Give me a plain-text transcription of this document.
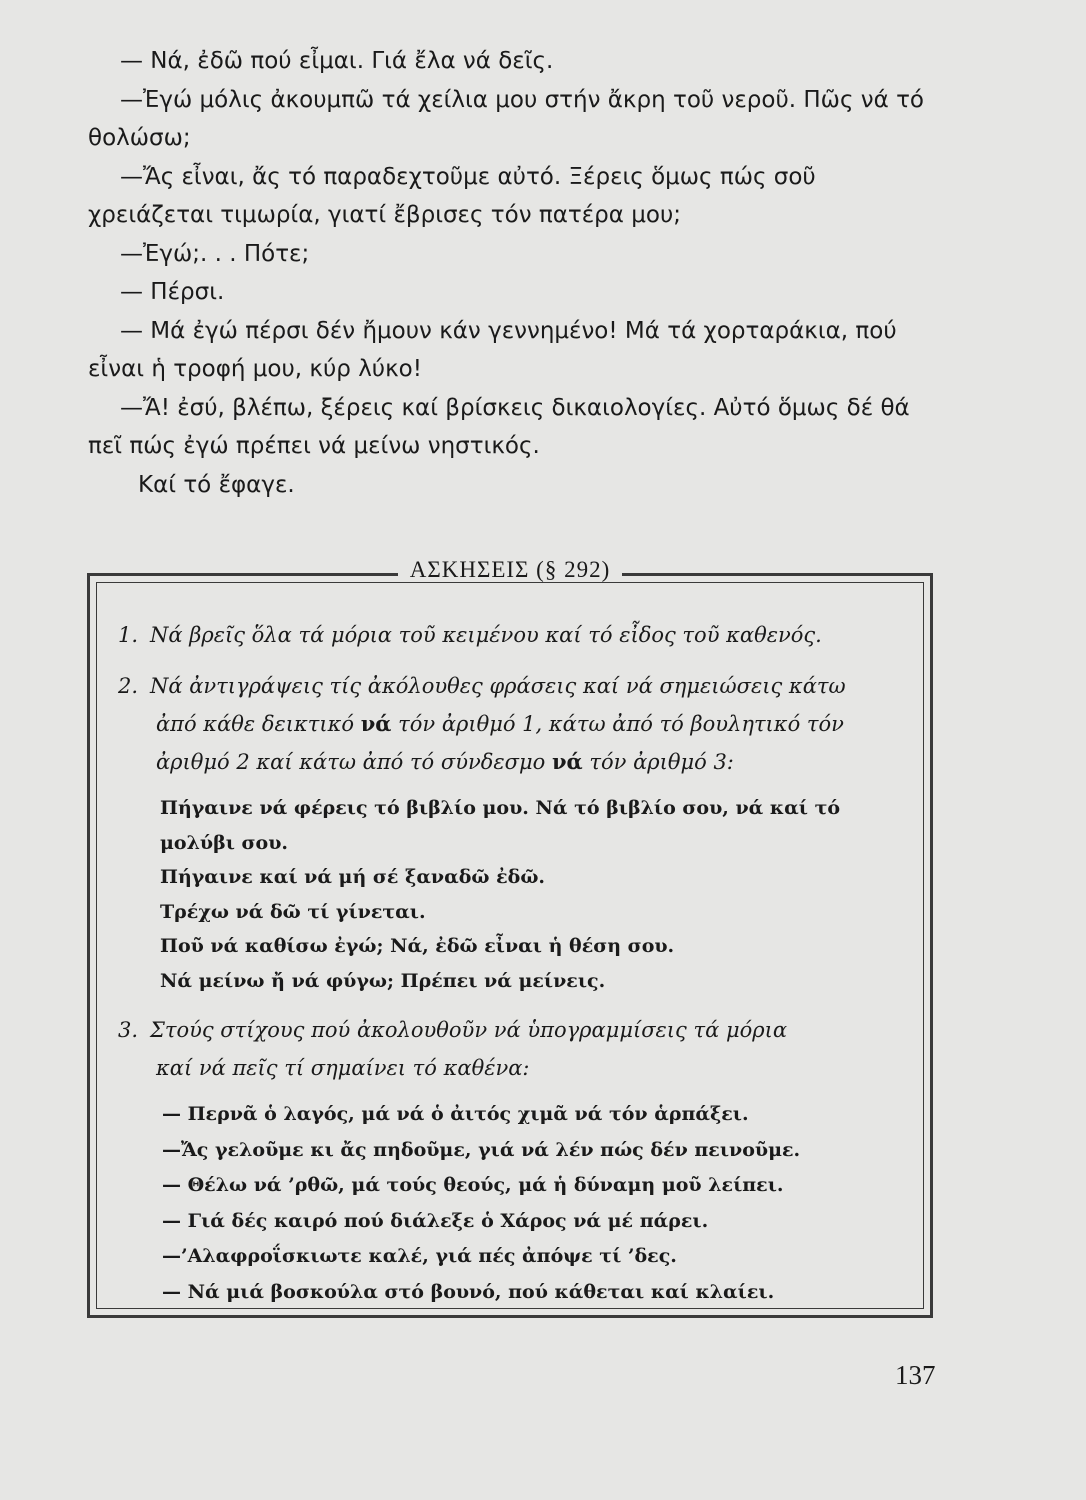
— Νά, ἐδῶ πού εἶμαι. Γιά ἔλα νά δεῖς.

—Ἐγώ μόλις ἀκουμπῶ τά χείλια μου στήν ἄκρη τοῦ νεροῦ. Πῶς νά τό θολώσω;

—Ἄς εἶναι, ἄς τό παραδεχτοῦμε αὐτό. Ξέρεις ὅμως πώς σοῦ χρειάζεται τιμωρία, γιατί ἔβρισες τόν πατέρα μου;

—Ἐγώ;. . . Πότε;

— Πέρσι.

— Μά ἐγώ πέρσι δέν ἤμουν κάν γεννημένο! Μά τά χορταράκια, πού εἶναι ἡ τροφή μου, κύρ λύκο!

—Ἄ! ἐσύ, βλέπω, ξέρεις καί βρίσκεις δικαιολογίες. Αὐτό ὅμως δέ θά πεῖ πώς ἐγώ πρέπει νά μείνω νηστικός.

Καί τό ἔφαγε.

ΑΣΚΗΣΕΙΣ (§ 292)
1. Νά βρεῖς ὅλα τά μόρια τοῦ κειμένου καί τό εἶδος τοῦ καθενός.
2. Νά ἀντιγράψεις τίς ἀκόλουθες φράσεις καί νά σημειώσεις κάτω
ἀπό κάθε δεικτικό νά τόν ἀριθμό 1, κάτω ἀπό τό βουλητικό τόν
ἀριθμό 2 καί κάτω ἀπό τό σύνδεσμο νά τόν ἀριθμό 3:
Πήγαινε νά φέρεις τό βιβλίο μου. Νά τό βιβλίο σου, νά καί τό
μολύβι σου.
Πήγαινε καί νά μή σέ ξαναδῶ ἐδῶ.
Τρέχω νά δῶ τί γίνεται.
Ποῦ νά καθίσω ἐγώ; Νά, ἐδῶ εἶναι ἡ θέση σου.
Νά μείνω ἤ νά φύγω; Πρέπει νά μείνεις.
3. Στούς στίχους πού ἀκολουθοῦν νά ὑπογραμμίσεις τά μόρια
καί νά πεῖς τί σημαίνει τό καθένα:
— Περνᾶ ὁ λαγός, μά νά ὁ ἀιτός χιμᾶ νά τόν ἁρπάξει.
—Ἄς γελοῦμε κι ἄς πηδοῦμε, γιά νά λέν πώς δέν πεινοῦμε.
— Θέλω νά ’ρθῶ, μά τούς θεούς, μά ἡ δύναμη μοῦ λείπει.
— Γιά δές καιρό πού διάλεξε ὁ Χάρος νά μέ πάρει.
—’Αλαφροΐσκιωτε καλέ, γιά πές ἀπόψε τί ’δες.
— Νά μιά βοσκούλα στό βουνό, πού κάθεται καί κλαίει.
137
